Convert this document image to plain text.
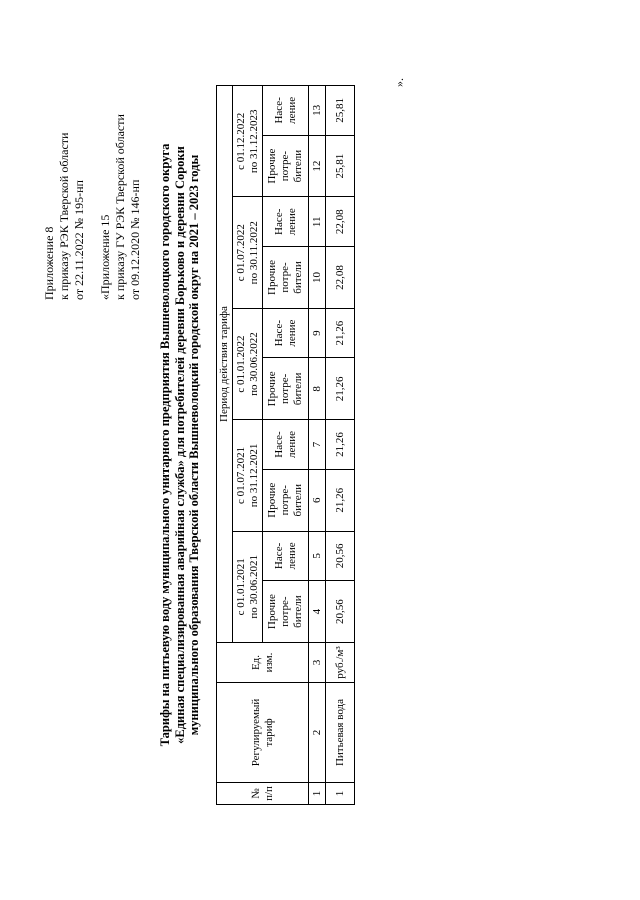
Приложение 8 к приказу РЭК Тверской области от 22.11.2022 № 195-нп «Приложение 15 к приказу ГУ РЭК Тверской области от 09.12.2020 № 146-нп Тарифы на питьевую воду муниципального унитарного предприятия Вышневолоцкого городского округа «Единая специализированная аварийная служба» для потребителей деревни Борьково и деревни Сорoки муниципального образования Тверской области Вышневолоцкий городской округ на 2021 – 2023 годы
№ п/п	Регулируемый тариф	Ед. изм.	Период действия тарифа									

			с 01.01.2021 по 30.06.2021		с 01.07.2021 по 31.12.2021		с 01.01.2022 по 30.06.2022		с 01.07.2022 по 30.11.2022		с 01.12.2022 по 31.12.2023	

			Прочие потре- бители	Насе- ление	Прочие потре- бители	Насе- ление	Прочие потре- бители	Насе- ление	Прочие потре- бители	Насе- ление	Прочие потре- бители	Насе- ление

1	2	3	4	5	6	7	8	9	10	11	12	13
1	Питьевая вода	руб./м³	20,56	20,56	21,26	21,26	21,26	21,26	22,08	22,08	25,81	25,81
».
